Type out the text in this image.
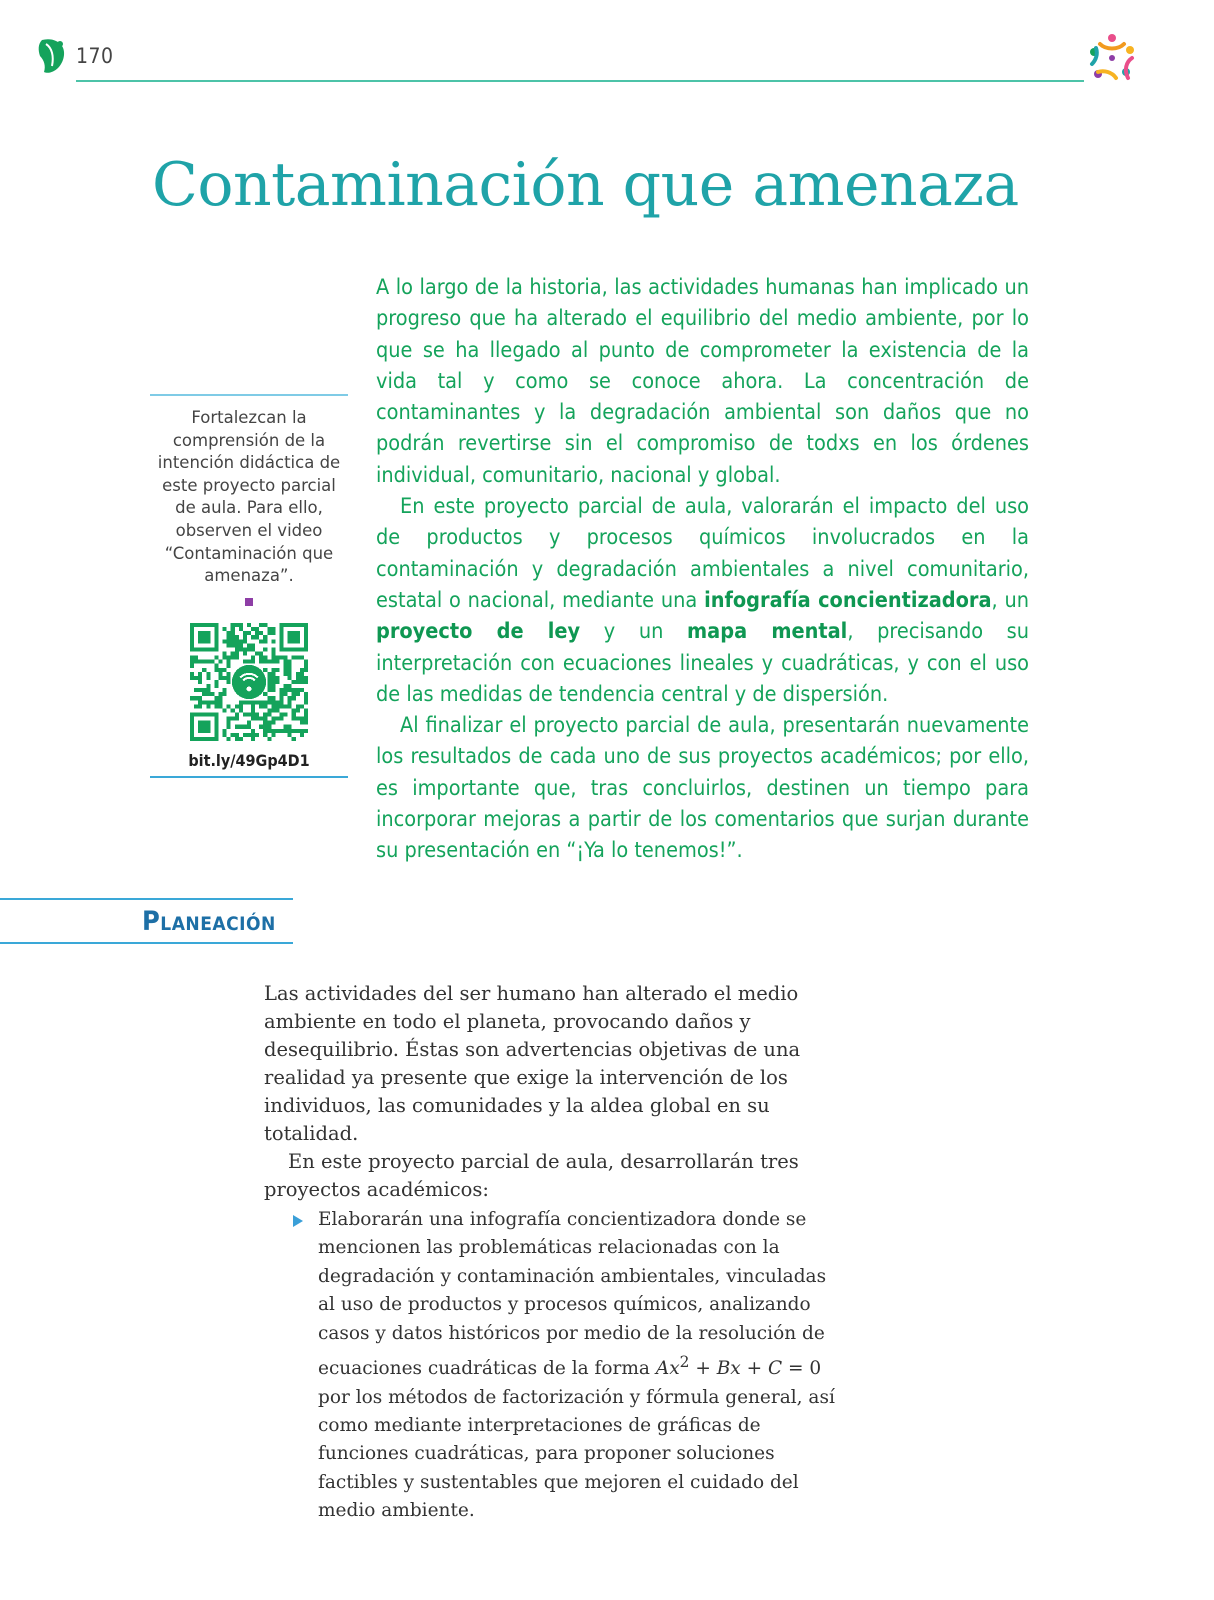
170
Contaminación que amenaza
Fortalezcan la comprensión de la intención didáctica de este proyecto parcial de aula. Para ello, observen el video “Contaminación que amenaza”.
bit.ly/49Gp4D1

A lo largo de la historia, las actividades humanas han implicado un progreso que ha alterado el equilibrio del medio ambiente, por lo que se ha llegado al punto de comprometer la existencia de la vida tal y como se conoce ahora. La concentración de contaminantes y la degradación ambiental son daños que no podrán revertirse sin el compromiso de todxs en los órdenes individual, comunitario, nacional y global.

En este proyecto parcial de aula, valorarán el impacto del uso de productos y procesos químicos involucrados en la contaminación y degradación ambientales a nivel comunitario, estatal o nacional, mediante una infografía concientizadora, un proyecto de ley y un mapa mental, precisando su interpretación con ecuaciones lineales y cuadráticas, y con el uso de las medidas de tendencia central y de dispersión.

Al finalizar el proyecto parcial de aula, presentarán nuevamente los resultados de cada uno de sus proyectos académicos; por ello, es importante que, tras concluirlos, destinen un tiempo para incorporar mejoras a partir de los comentarios que surjan durante su presentación en “¡Ya lo tenemos!”.

Planeación

Las actividades del ser humano han alterado el medio ambiente en todo el planeta, provocando daños y desequilibrio. Éstas son advertencias objetivas de una realidad ya presente que exige la intervención de los individuos, las comunidades y la aldea global en su totalidad.

En este proyecto parcial de aula, desarrollarán tres proyectos académicos:

Elaborarán una infografía concientizadora donde se mencionen las problemáticas relacionadas con la degradación y contaminación ambientales, vinculadas al uso de productos y procesos químicos, analizando casos y datos históricos por medio de la resolución de ecuaciones cuadráticas de la forma $Ax^2 + Bx + C = 0$ por los métodos de factorización y fórmula general, así como mediante interpretaciones de gráficas de funciones cuadráticas, para proponer soluciones factibles y sustentables que mejoren el cuidado del medio ambiente.
